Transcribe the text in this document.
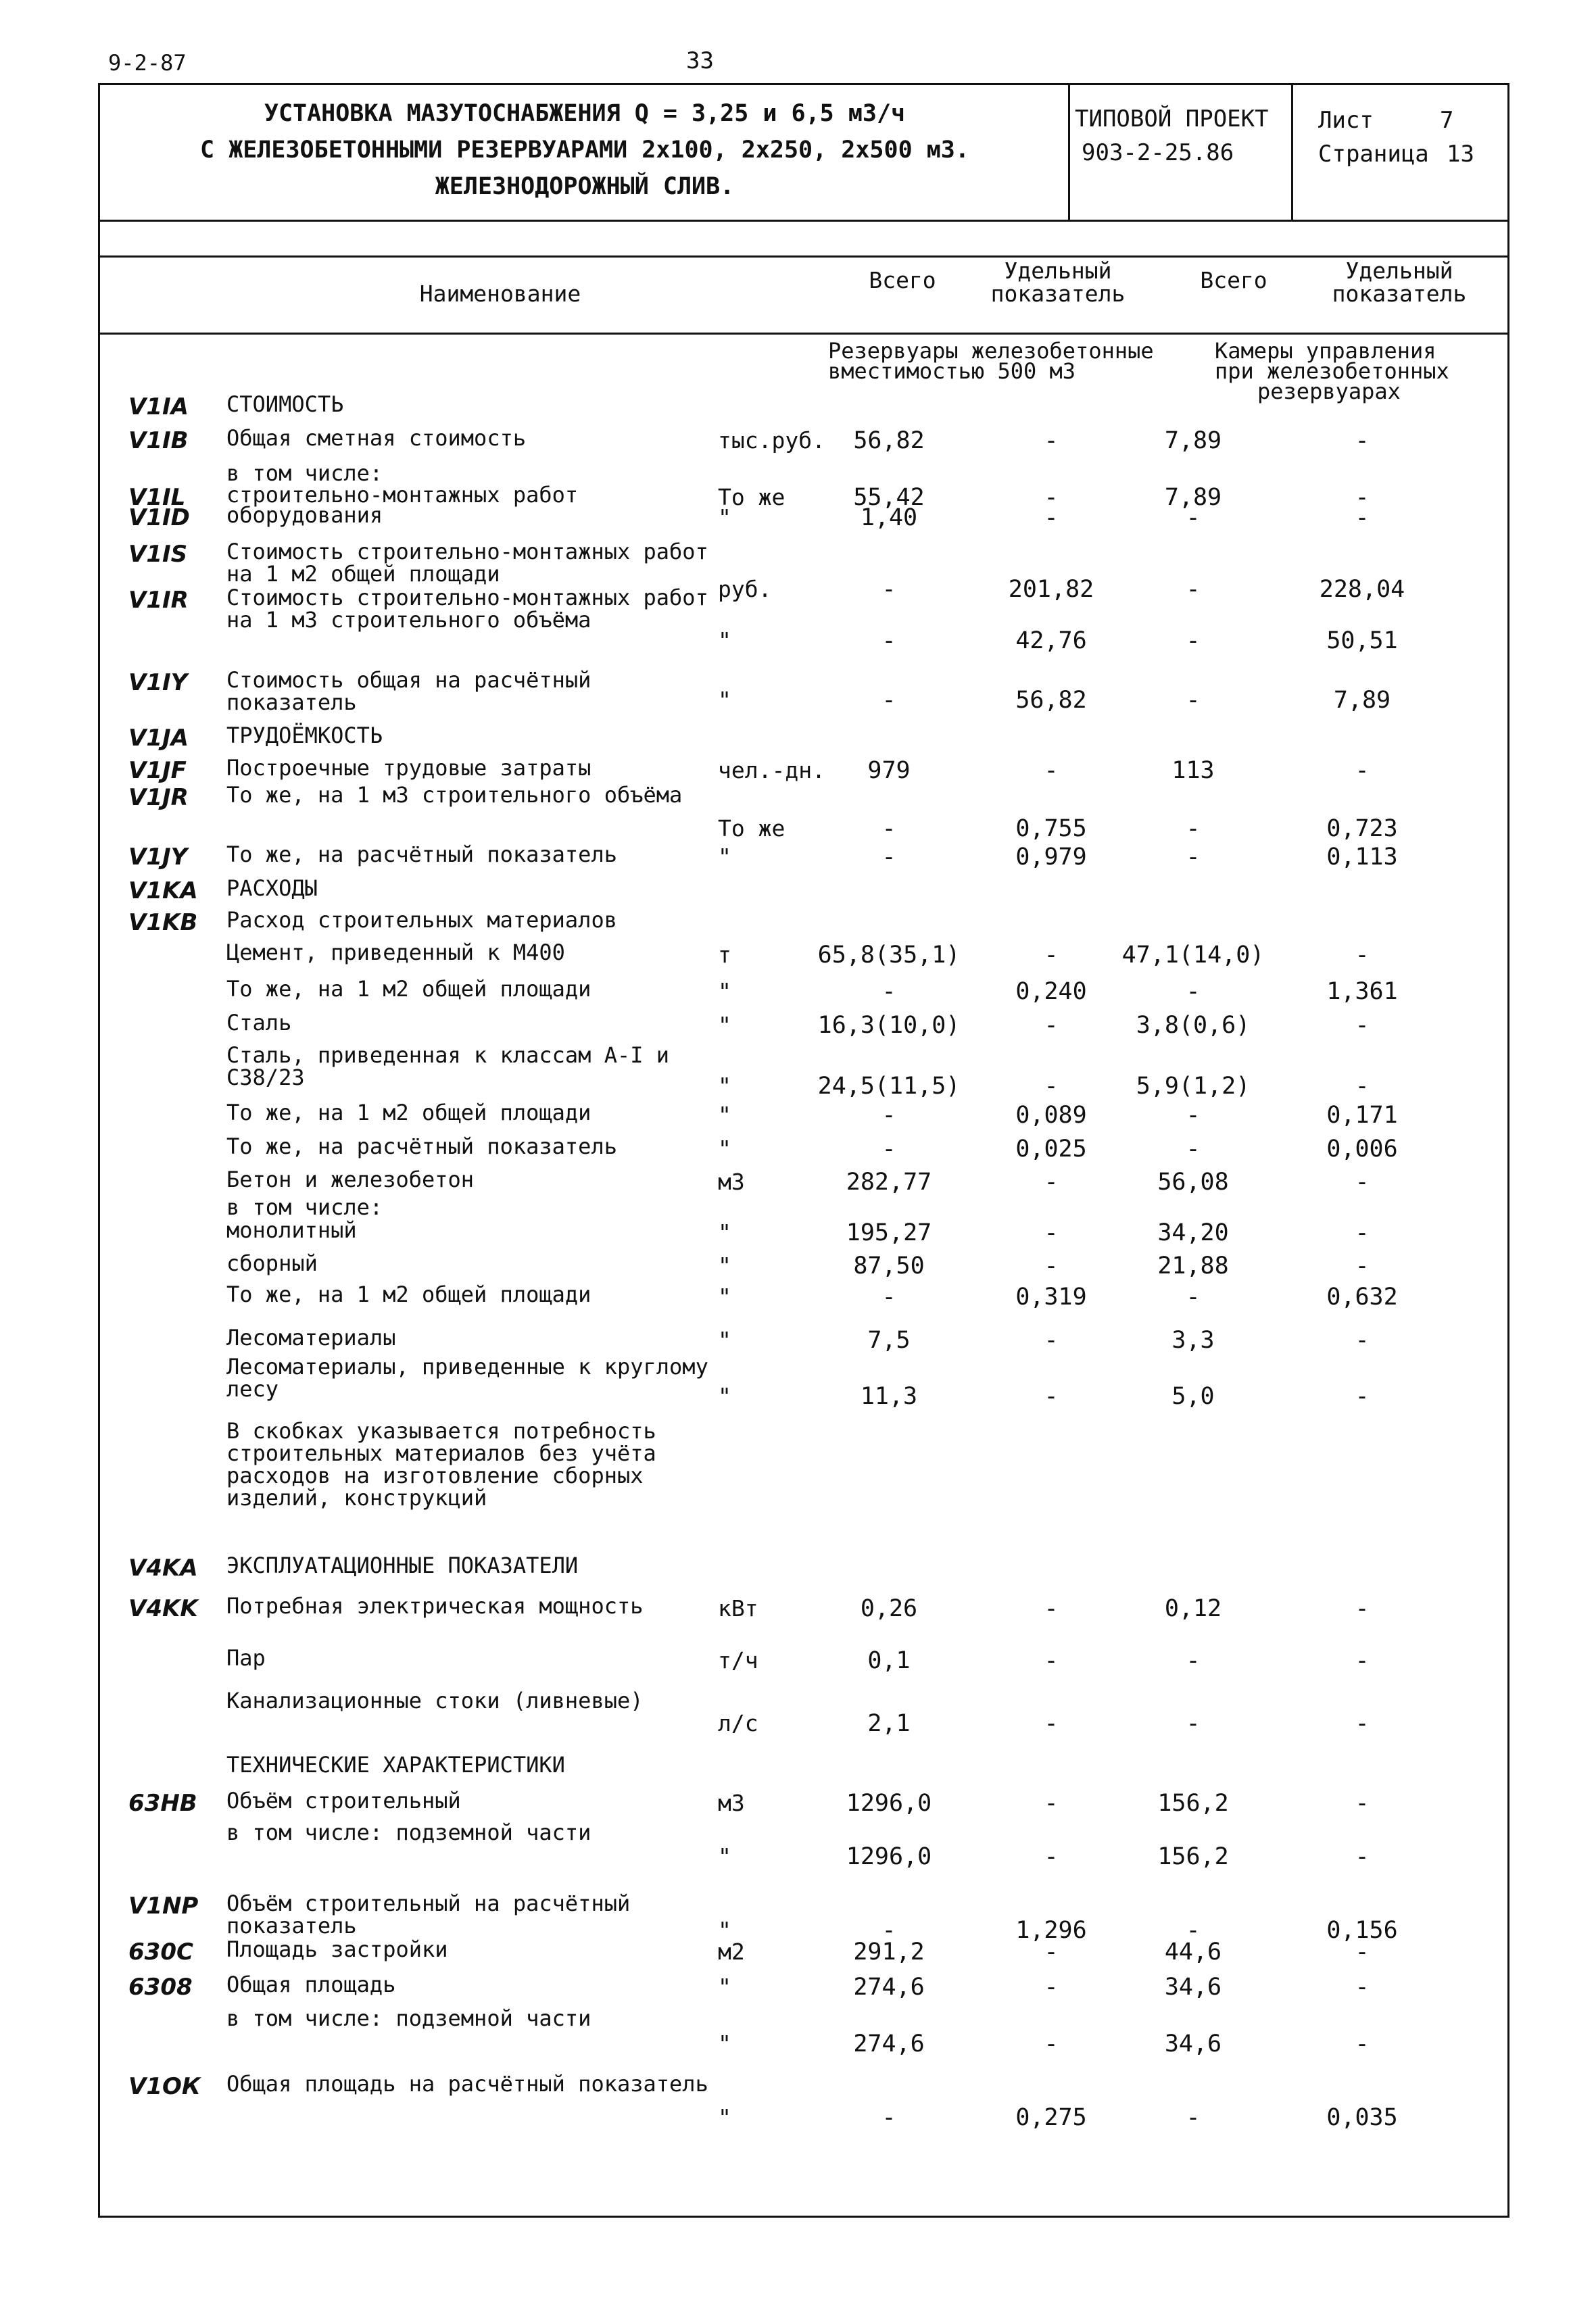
9-2-87	33
УСТАНОВКА МАЗУТОСНАБЖЕНИЯ Q = 3,25 и 6,5 м3/ч
С ЖЕЛЕЗОБЕТОННЫМИ РЕЗЕРВУАРАМИ 2х100, 2х250, 2х500 м3.
ЖЕЛЕЗНОДОРОЖНЫЙ СЛИВ.
ТИПОВОЙ ПРОЕКТ
903-2-25.86
Лист	7
Страница 13
Наименование
Всего	Удельный
показатель
Всего	Удельный
показатель
Резервуары железобетонные
вместимостью 500 м3
Камеры управления
при железобетонных
резервуарах
V1IA СТОИМОСТЬ
V1IB Общая сметная стоимость	тыс.руб.	56,82	-	7,89	-
в том числе:
V1IL строительно-монтажных работ	То же	55,42	-	7,89	-
V1ID оборудования	"	1,40	-	-	-
V1IS Стоимость строительно-монтажных работ на 1 м2 общей площади
руб.	-	201,82	-	228,04
V1IR Стоимость строительно-монтажных работ на 1 м3 строительного объёма
"	-	42,76	-	50,51
V1IY Стоимость общая на расчётный показатель	"	-	56,82	-	7,89
V1JA ТРУДОЁМКОСТЬ
V1JF Построечные трудовые затраты	чел.-дн.	979	-	113	-
V1JR То же, на 1 м3 строительного объёма
То же	-	0,755	-	0,723
V1JY То же, на расчётный показатель	"	-	0,979	-	0,113
V1KA РАСХОДЫ
V1KB Расход строительных материалов
Цемент, приведенный к М400	т	65,8(35,1)	-	47,1(14,0)	-
То же, на 1 м2 общей площади	"	-	0,240	-	1,361
Сталь	"	16,3(10,0)	-	3,8(0,6)	-
Сталь, приведенная к классам А-I и С38/23	"	24,5(11,5)	-	5,9(1,2)	-
То же, на 1 м2 общей площади	"	-	0,089	-	0,171
То же, на расчётный показатель	"	-	0,025	-	0,006
Бетон и железобетон	м3	282,77	-	56,08	-
в том числе:
монолитный	"	195,27	-	34,20	-
сборный	"	87,50	-	21,88	-
То же, на 1 м2 общей площади	"	-	0,319	-	0,632
Лесоматериалы	"	7,5	-	3,3	-
Лесоматериалы, приведенные к круглому лесу	"	11,3	-	5,0	-
В скобках указывается потребность строительных материалов без учёта расходов на изготовление сборных изделий, конструкций
V4KA ЭКСПЛУАТАЦИОННЫЕ ПОКАЗАТЕЛИ
V4KK Потребная электрическая мощность	кВт	0,26	-	0,12	-
Пар	т/ч	0,1	-	-	-
Канализационные стоки (ливневые)
л/с	2,1	-	-	-
ТЕХНИЧЕСКИЕ ХАРАКТЕРИСТИКИ
63НВ Объём строительный	м3	1296,0	-	156,2	-
в том числе: подземной части
"	1296,0	-	156,2	-
V1NP Объём строительный на расчётный показатель	"	-	1,296	-	0,156
630С Площадь застройки	м2	291,2	-	44,6	-
6308 Общая площадь	"	274,6	-	34,6	-
в том числе: подземной части
"	274,6	-	34,6	-
V1ОК Общая площадь на расчётный показатель
"	-	0,275	-	0,035
